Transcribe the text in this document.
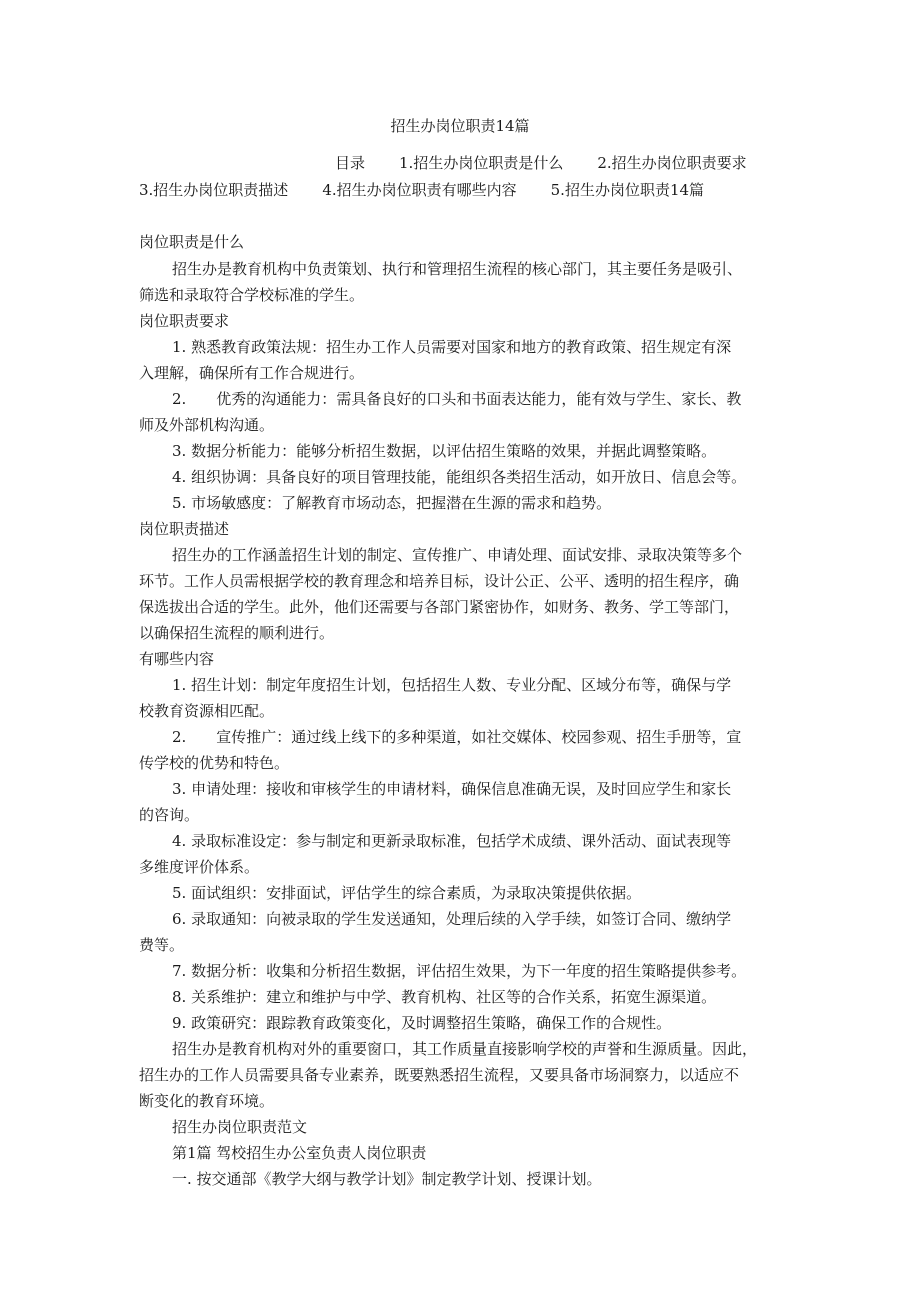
招生办岗位职责14篇
目录 1.招生办岗位职责是什么 2.招生办岗位职责要求
3.招生办岗位职责描述 4.招生办岗位职责有哪些内容 5.招生办岗位职责14篇
岗位职责是什么
招生办是教育机构中负责策划、执行和管理招生流程的核心部门，其主要任务是吸引、
筛选和录取符合学校标准的学生。
岗位职责要求
1. 熟悉教育政策法规：招生办工作人员需要对国家和地方的教育政策、招生规定有深
入理解，确保所有工作合规进行。
2.　　优秀的沟通能力：需具备良好的口头和书面表达能力，能有效与学生、家长、教
师及外部机构沟通。
3. 数据分析能力：能够分析招生数据，以评估招生策略的效果，并据此调整策略。
4. 组织协调：具备良好的项目管理技能，能组织各类招生活动，如开放日、信息会等。
5. 市场敏感度：了解教育市场动态，把握潜在生源的需求和趋势。
岗位职责描述
招生办的工作涵盖招生计划的制定、宣传推广、申请处理、面试安排、录取决策等多个
环节。工作人员需根据学校的教育理念和培养目标，设计公正、公平、透明的招生程序，确
保选拔出合适的学生。此外，他们还需要与各部门紧密协作，如财务、教务、学工等部门，
以确保招生流程的顺利进行。
有哪些内容
1. 招生计划：制定年度招生计划，包括招生人数、专业分配、区域分布等，确保与学
校教育资源相匹配。
2.　　宣传推广：通过线上线下的多种渠道，如社交媒体、校园参观、招生手册等，宣
传学校的优势和特色。
3. 申请处理：接收和审核学生的申请材料，确保信息准确无误，及时回应学生和家长
的咨询。
4. 录取标准设定：参与制定和更新录取标准，包括学术成绩、课外活动、面试表现等
多维度评价体系。
5. 面试组织：安排面试，评估学生的综合素质，为录取决策提供依据。
6. 录取通知：向被录取的学生发送通知，处理后续的入学手续，如签订合同、缴纳学
费等。
7. 数据分析：收集和分析招生数据，评估招生效果，为下一年度的招生策略提供参考。
8. 关系维护：建立和维护与中学、教育机构、社区等的合作关系，拓宽生源渠道。
9. 政策研究：跟踪教育政策变化，及时调整招生策略，确保工作的合规性。
招生办是教育机构对外的重要窗口，其工作质量直接影响学校的声誉和生源质量。因此，
招生办的工作人员需要具备专业素养，既要熟悉招生流程，又要具备市场洞察力，以适应不
断变化的教育环境。
招生办岗位职责范文
第1篇 驾校招生办公室负责人岗位职责
一. 按交通部《教学大纲与教学计划》制定教学计划、授课计划。
